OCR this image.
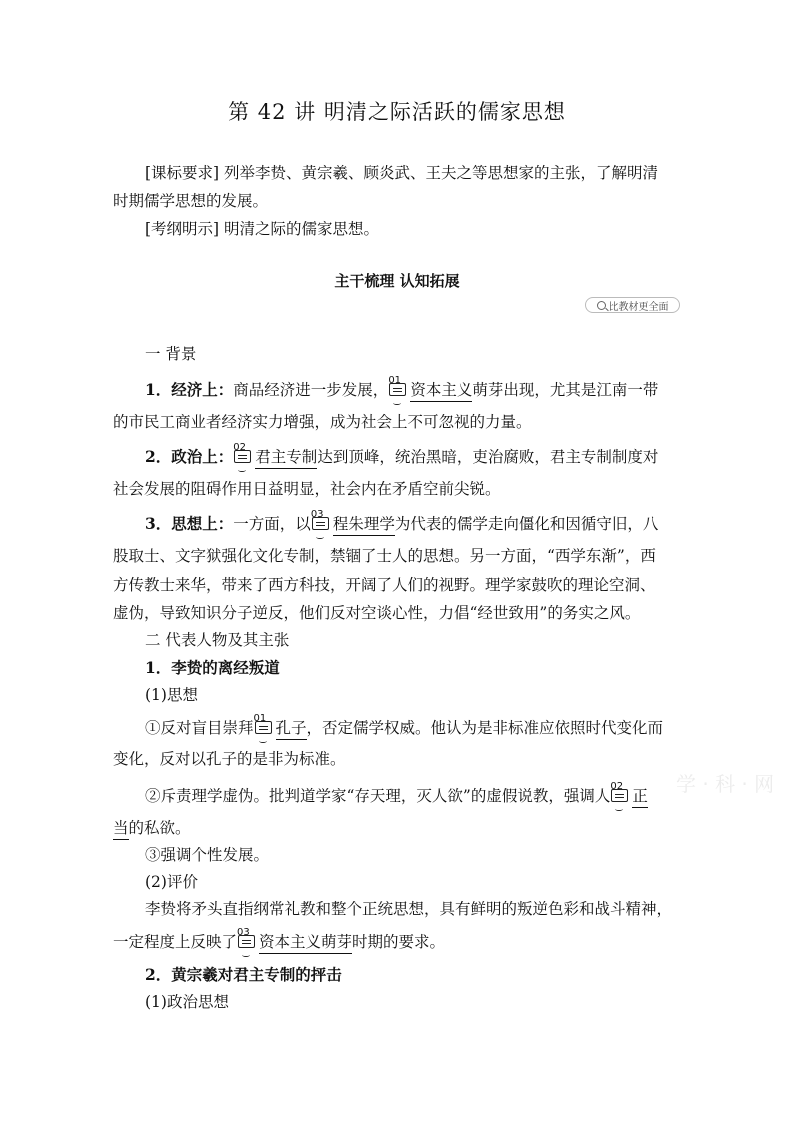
第 42 讲 明清之际活跃的儒家思想
[课标要求] 列举李贽、黄宗羲、顾炎武、王夫之等思想家的主张，了解明清
时期儒学思想的发展。
[考纲明示] 明清之际的儒家思想。
主干梳理 认知拓展
比教材更全面
一 背景
1．经济上：商品经济进一步发展，
01
资本主义萌芽出现，尤其是江南一带
的市民工商业者经济实力增强，成为社会上不可忽视的力量。
2．政治上： 02
君主专制达到顶峰，统治黑暗，吏治腐败，君主专制制度对
社会发展的阻碍作用日益明显，社会内在矛盾空前尖锐。
3．思想上：一方面，以
03
程朱理学为代表的儒学走向僵化和因循守旧，八
股取士、文字狱强化文化专制，禁锢了士人的思想。另一方面，“西学东渐”，西
方传教士来华，带来了西方科技，开阔了人们的视野。理学家鼓吹的理论空洞、
虚伪，导致知识分子逆反，他们反对空谈心性，力倡“经世致用”的务实之风。
二 代表人物及其主张
1．李贽的离经叛道
(1)思想
①反对盲目崇拜
01
孔子，否定儒学权威。他认为是非标准应依照时代变化而
变化，反对以孔子的是非为标准。
②斥责理学虚伪。批判道学家“存天理，灭人欲”的虚假说教，强调人
02
正
当的私欲。
③强调个性发展。
(2)评价
李贽将矛头直指纲常礼教和整个正统思想，具有鲜明的叛逆色彩和战斗精神，
一定程度上反映了
03
资本主义萌芽时期的要求。
2．黄宗羲对君主专制的抨击
(1)政治思想
学 · 科 · 网
